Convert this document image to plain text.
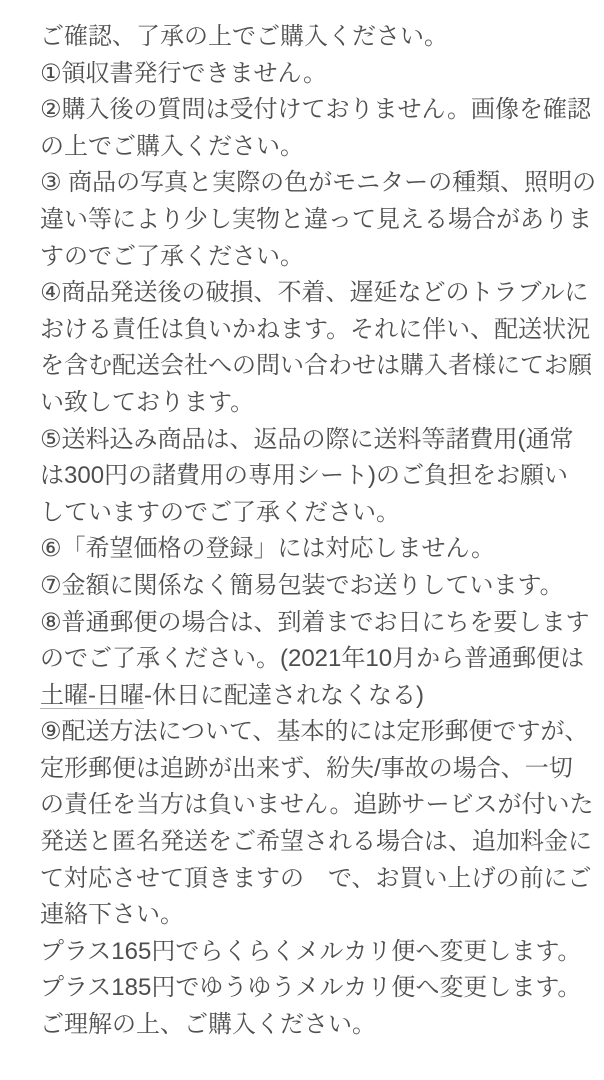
ご確認、了承の上でご購入ください。
①領収書発行できません。
②購入後の質問は受付けておりません。画像を確認
の上でご購入ください。
③ 商品の写真と実際の色がモニターの種類、照明の
違い等により少し実物と違って見える場合がありま
すのでご了承ください。
④商品発送後の破損、不着、遅延などのトラブルに
おける責任は負いかねます。それに伴い、配送状況
を含む配送会社への問い合わせは購入者様にてお願
い致しております。
⑤送料込み商品は、返品の際に送料等諸費用(通常
は300円の諸費用の専用シート)のご負担をお願い
していますのでご了承ください。
⑥「希望価格の登録」には対応しません。
⑦金額に関係なく簡易包装でお送りしています。
⑧普通郵便の場合は、到着までお日にちを要します
のでご了承ください。(2021年10月から普通郵便は
土曜-日曜-休日に配達されなくなる)
⑨配送方法について、基本的には定形郵便ですが、
定形郵便は追跡が出来ず、紛失/事故の場合、一切
の責任を当方は負いません。追跡サービスが付いた
発送と匿名発送をご希望される場合は、追加料金に
て対応させて頂きますの　で、お買い上げの前にご
連絡下さい。
プラス165円でらくらくメルカリ便へ変更します。
プラス185円でゆうゆうメルカリ便へ変更します。
ご理解の上、ご購入ください。
